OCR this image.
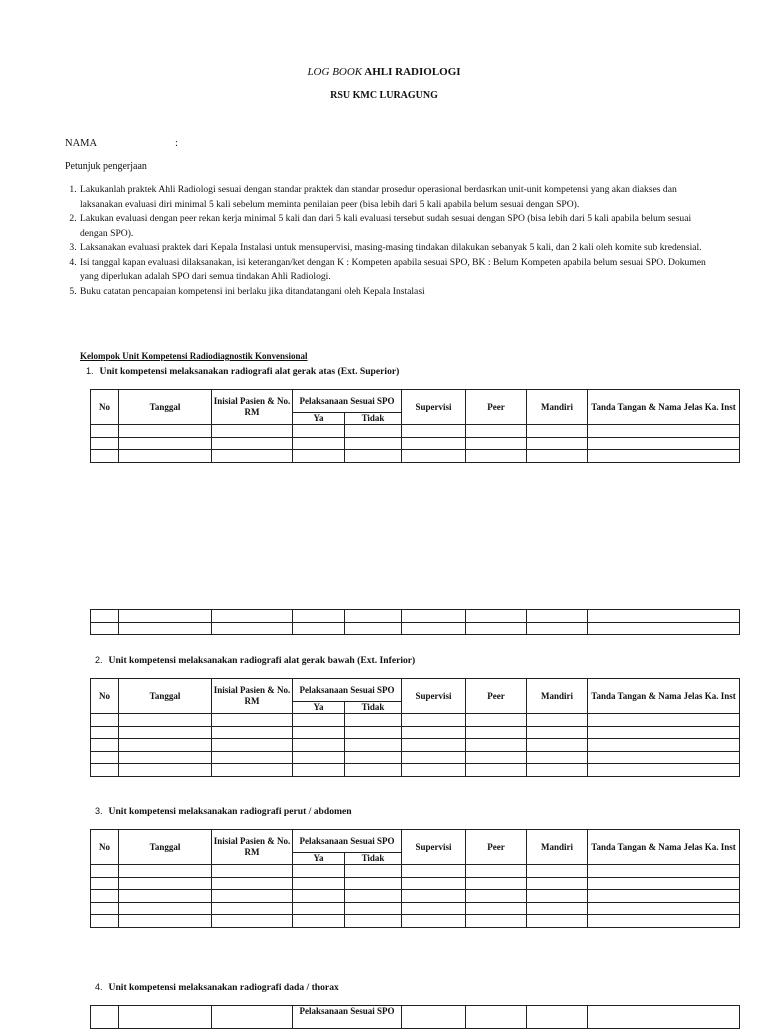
LOG BOOK AHLI RADIOLOGI
RSU KMC LURAGUNG
NAMA	:
Petunjuk pengerjaan
1. Lakukanlah praktek Ahli Radiologi sesuai dengan standar praktek dan standar prosedur operasional berdasrkan unit-unit kompetensi yang akan diakses dan laksanakan evaluasi diri minimal 5 kali sebelum meminta penilaian peer (bisa lebih dari 5 kali apabila belum sesuai dengan SPO).
2. Lakukan evaluasi dengan peer rekan kerja minimal 5 kali dan dari 5 kali evaluasi tersebut sudah sesuai dengan SPO (bisa lebih dari 5 kali apabila belum sesuai dengan SPO).
3. Laksanakan evaluasi praktek dari Kepala Instalasi untuk mensupervisi, masing-masing tindakan dilakukan sebanyak 5 kali, dan 2 kali oleh komite sub kredensial.
4. Isi tanggal kapan evaluasi dilaksanakan, isi keterangan/ket dengan K : Kompeten apabila sesuai SPO, BK : Belum Kompeten apabila belum sesuai SPO. Dokumen yang diperlukan adalah SPO dari semua tindakan Ahli Radiologi.
5. Buku catatan pencapaian kompetensi ini berlaku jika ditandatangani oleh Kepala Instalasi
Kelompok Unit Kompetensi Radiodiagnostik Konvensional
1. Unit kompetensi melaksanakan radiografi alat gerak atas (Ext. Superior)
No	Tanggal	Inisial Pasien & No. RM	Pelaksanaan Sesuai SPO		Supervisi	Peer	Mandiri	Tanda Tangan & Nama Jelas Ka. Inst
			Ya	Tidak				

2. Unit kompetensi melaksanakan radiografi alat gerak bawah (Ext. Inferior)
No	Tanggal	Inisial Pasien & No. RM	Pelaksanaan Sesuai SPO		Supervisi	Peer	Mandiri	Tanda Tangan & Nama Jelas Ka. Inst
			Ya	Tidak				

3. Unit kompetensi melaksanakan radiografi perut / abdomen
No	Tanggal	Inisial Pasien & No. RM	Pelaksanaan Sesuai SPO		Supervisi	Peer	Mandiri	Tanda Tangan & Nama Jelas Ka. Inst
			Ya	Tidak				

4. Unit kompetensi melaksanakan radiografi dada / thorax
			Pelaksanaan Sesuai SPO				
